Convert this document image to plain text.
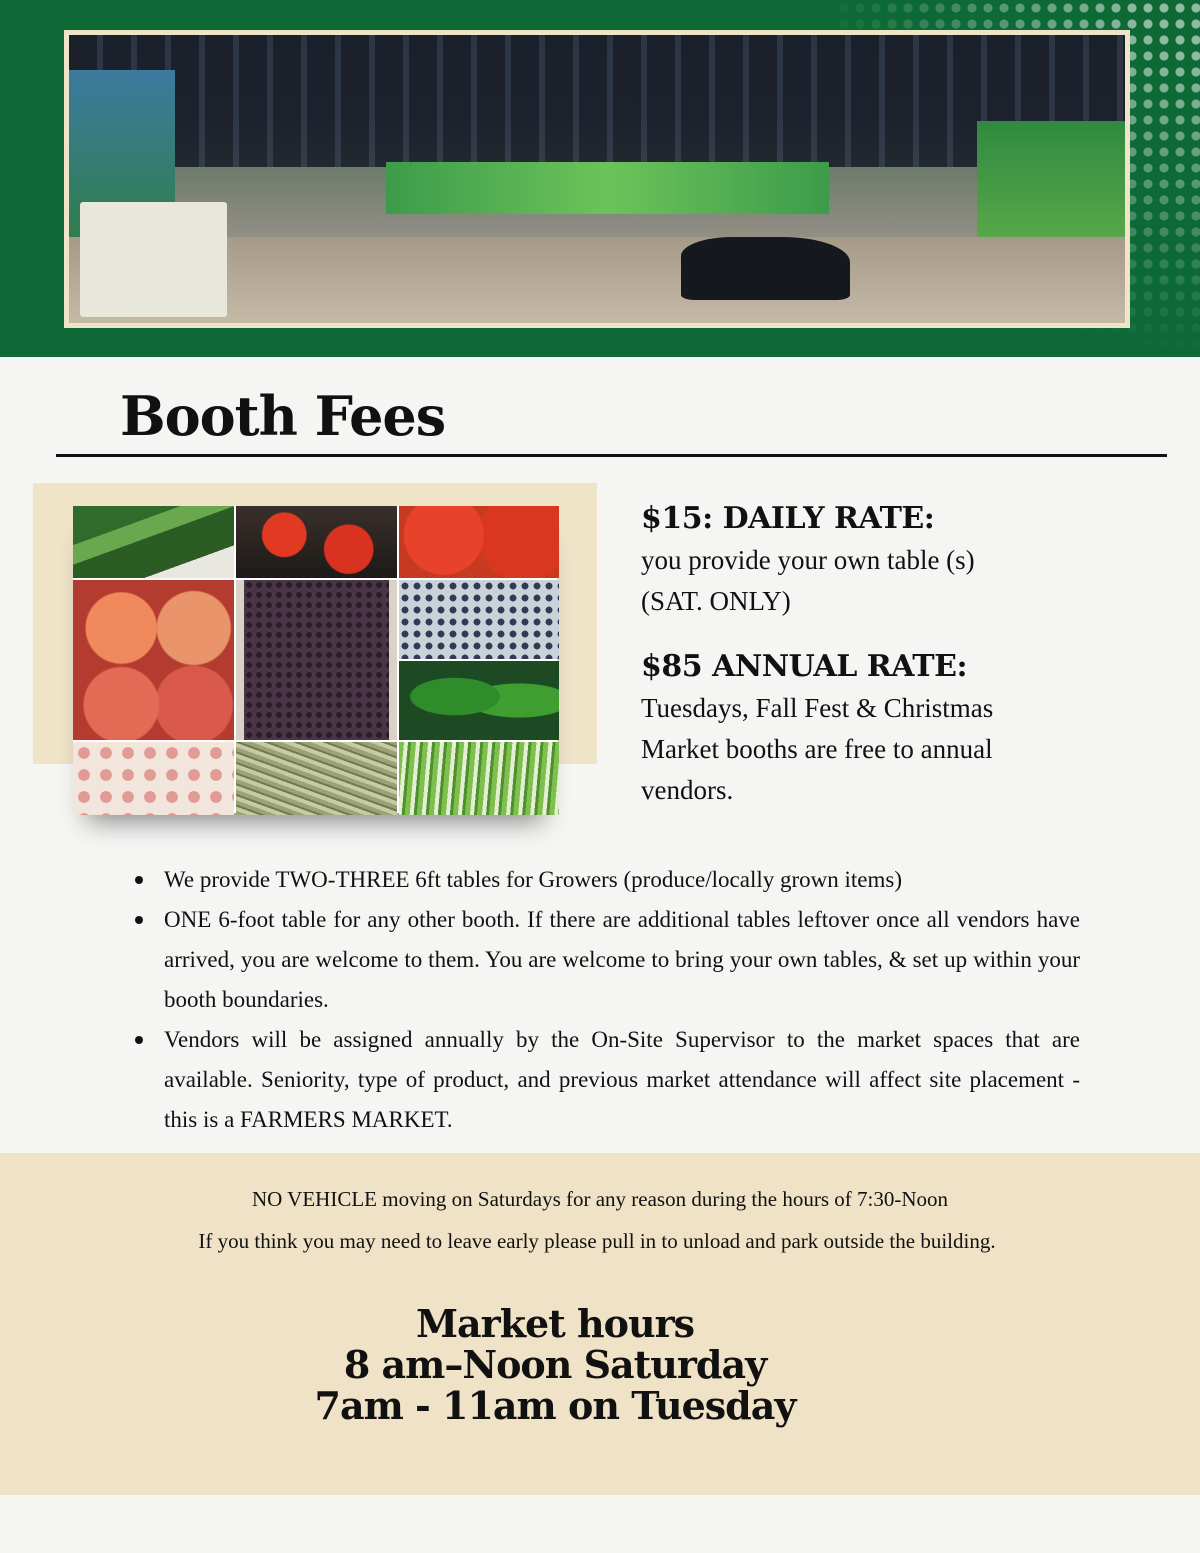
Booth Fees

$15: DAILY RATE:

you provide your own table (s)

(SAT. ONLY)

$85 ANNUAL RATE:

Tuesdays, Fall Fest & Christmas Market booths are free to annual vendors.

We provide TWO-THREE 6ft tables for Growers (produce/locally grown items)
ONE 6-foot table for any other booth. If there are additional tables leftover once all vendors have arrived, you are welcome to them. You are welcome to bring your own tables, & set up within your booth boundaries.
Vendors will be assigned annually by the On-Site Supervisor to the market spaces that are available. Seniority, type of product, and previous market attendance will affect site placement - this is a FARMERS MARKET.

NO VEHICLE moving on Saturdays for any reason during the hours of 7:30-Noon

If you think you may need to leave early please pull in to unload and park outside the building.

Market hours
8 am–Noon Saturday
7am - 11am on Tuesday
